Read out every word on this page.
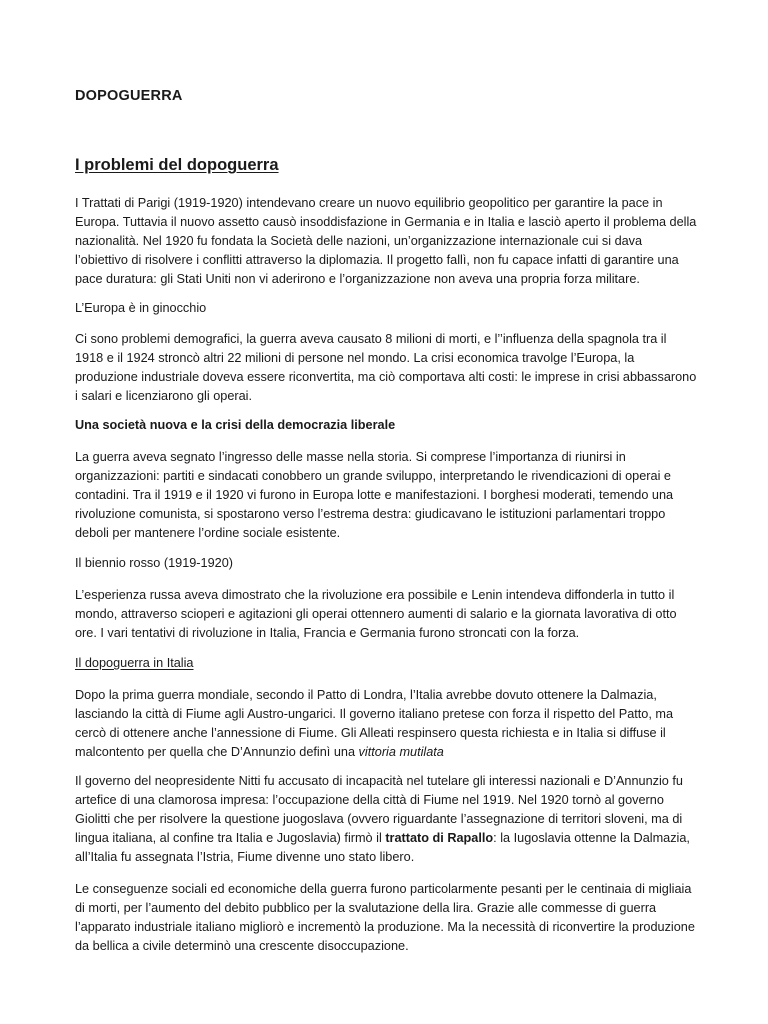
DOPOGUERRA
I problemi del dopoguerra

I Trattati di Parigi (1919-1920) intendevano creare un nuovo equilibrio geopolitico per garantire la pace in Europa. Tuttavia il nuovo assetto causò insoddisfazione in Germania e in Italia e lasciò aperto il problema della nazionalità. Nel 1920 fu fondata la Società delle nazioni, un’organizzazione internazionale cui si dava l’obiettivo di risolvere i conflitti attraverso la diplomazia. Il progetto fallì, non fu capace infatti di garantire una pace duratura: gli Stati Uniti non vi aderirono e l’organizzazione non aveva una propria forza militare.

L’Europa è in ginocchio

Ci sono problemi demografici, la guerra aveva causato 8 milioni di morti, e l’’influenza della spagnola tra il 1918 e il 1924 stroncò altri 22 milioni di persone nel mondo. La crisi economica travolge l’Europa, la produzione industriale doveva essere riconvertita, ma ciò comportava alti costi: le imprese in crisi abbassarono i salari e licenziarono gli operai.

Una società nuova e la crisi della democrazia liberale

La guerra aveva segnato l’ingresso delle masse nella storia. Si comprese l’importanza di riunirsi in organizzazioni: partiti e sindacati conobbero un grande sviluppo, interpretando le rivendicazioni di operai e contadini. Tra il 1919 e il 1920 vi furono in Europa lotte e manifestazioni. I borghesi moderati, temendo una rivoluzione comunista, si spostarono verso l’estrema destra: giudicavano le istituzioni parlamentari troppo deboli per mantenere l’ordine sociale esistente.

Il biennio rosso (1919-1920)

L’esperienza russa aveva dimostrato che la rivoluzione era possibile e Lenin intendeva diffonderla in tutto il mondo, attraverso scioperi e agitazioni gli operai ottennero aumenti di salario e la giornata lavorativa di otto ore. I vari tentativi di rivoluzione in Italia, Francia e Germania furono stroncati con la forza.

Il dopoguerra in Italia

Dopo la prima guerra mondiale, secondo il Patto di Londra, l’Italia avrebbe dovuto ottenere la Dalmazia, lasciando la città di Fiume agli Austro-ungarici. Il governo italiano pretese con forza il rispetto del Patto, ma cercò di ottenere anche l’annessione di Fiume. Gli Alleati respinsero questa richiesta e in Italia si diffuse il malcontento per quella che D’Annunzio definì una vittoria mutilata

Il governo del neopresidente Nitti fu accusato di incapacità nel tutelare gli interessi nazionali e D’Annunzio fu artefice di una clamorosa impresa: l’occupazione della città di Fiume nel 1919. Nel 1920 tornò al governo Giolitti che per risolvere la questione juogoslava (ovvero riguardante l’assegnazione di territori sloveni, ma di lingua italiana, al confine tra Italia e Jugoslavia) firmò il trattato di Rapallo: la Iugoslavia ottenne la Dalmazia, all’Italia fu assegnata l’Istria, Fiume divenne uno stato libero.

Le conseguenze sociali ed economiche della guerra furono particolarmente pesanti per le centinaia di migliaia di morti, per l’aumento del debito pubblico per la svalutazione della lira. Grazie alle commesse di guerra l’apparato industriale italiano migliorò e incrementò la produzione. Ma la necessità di riconvertire la produzione da bellica a civile determinò una crescente disoccupazione.
